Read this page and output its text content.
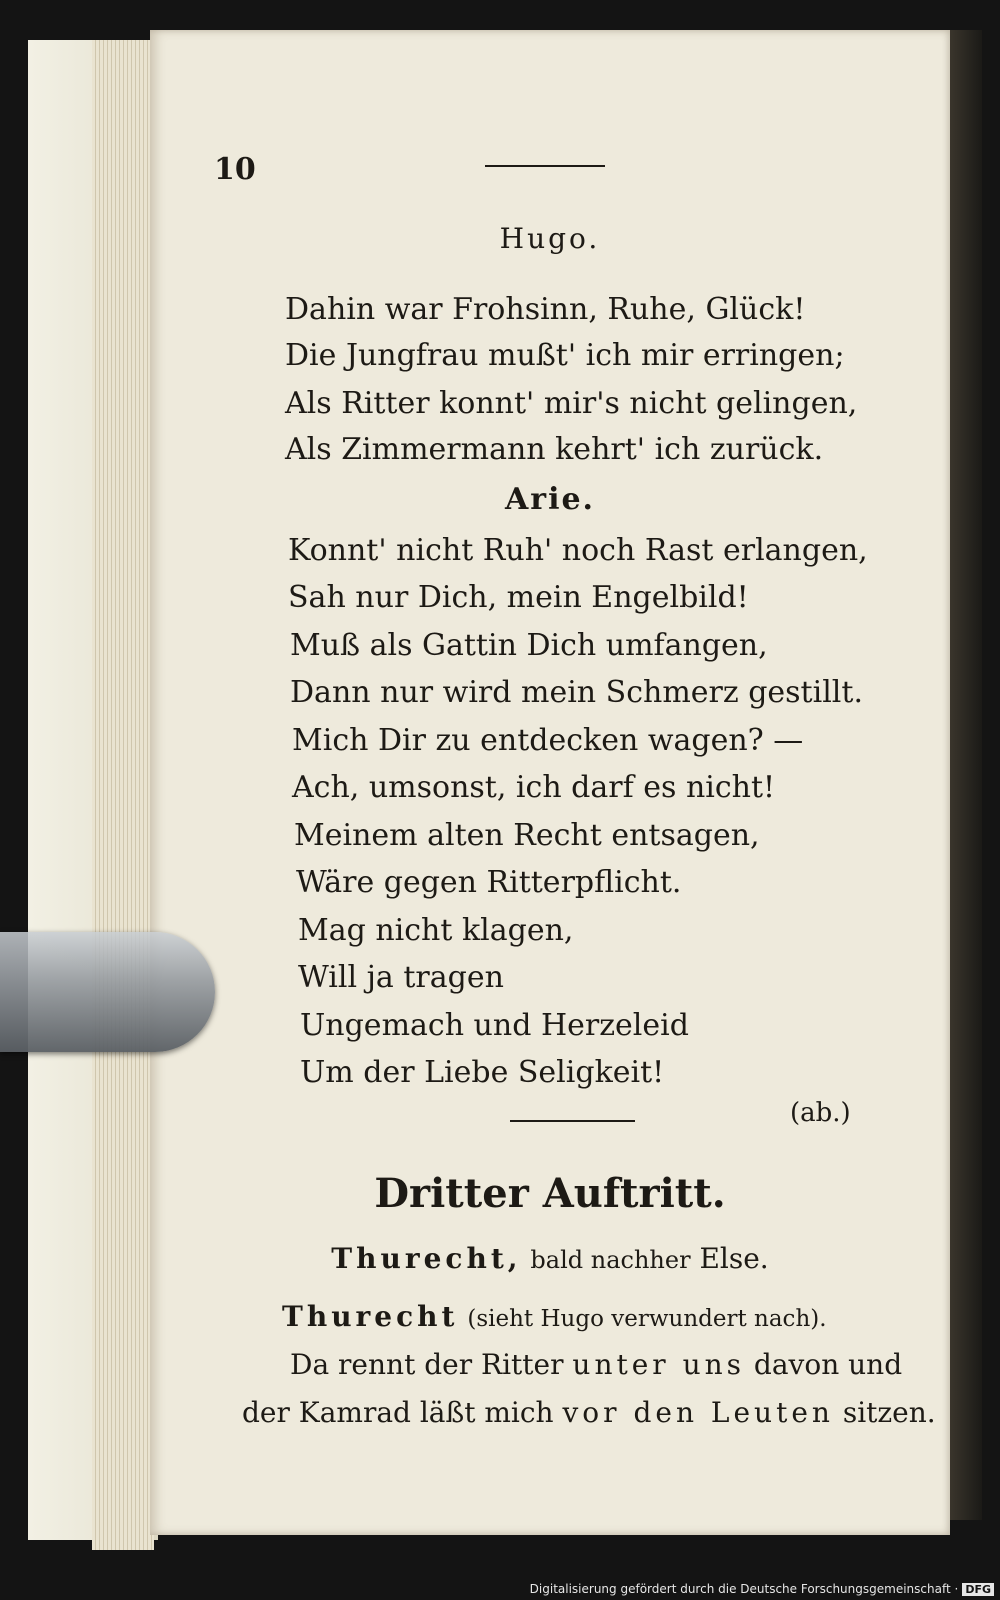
10
Hugo.
Dahin war Frohsinn, Ruhe, Glück!
Die Jungfrau mußt' ich mir erringen;
Als Ritter konnt' mir's nicht gelingen,
Als Zimmermann kehrt' ich zurück.
Arie.
Konnt' nicht Ruh' noch Rast erlangen,
Sah nur Dich, mein Engelbild!
Muß als Gattin Dich umfangen,
Dann nur wird mein Schmerz gestillt.
Mich Dir zu entdecken wagen? —
Ach, umsonst, ich darf es nicht!
Meinem alten Recht entsagen,
Wäre gegen Ritterpflicht.
Mag nicht klagen,
Will ja tragen
Ungemach und Herzeleid
Um der Liebe Seligkeit!
(ab.)
Dritter Auftritt.
Thurecht, bald nachher Else.
Thurecht (sieht Hugo verwundert nach).
Da rennt der Ritter unter uns davon und
der Kamrad läßt mich vor den Leuten sitzen.
Digitalisierung gefördert durch die Deutsche Forschungsgemeinschaft · DFG
